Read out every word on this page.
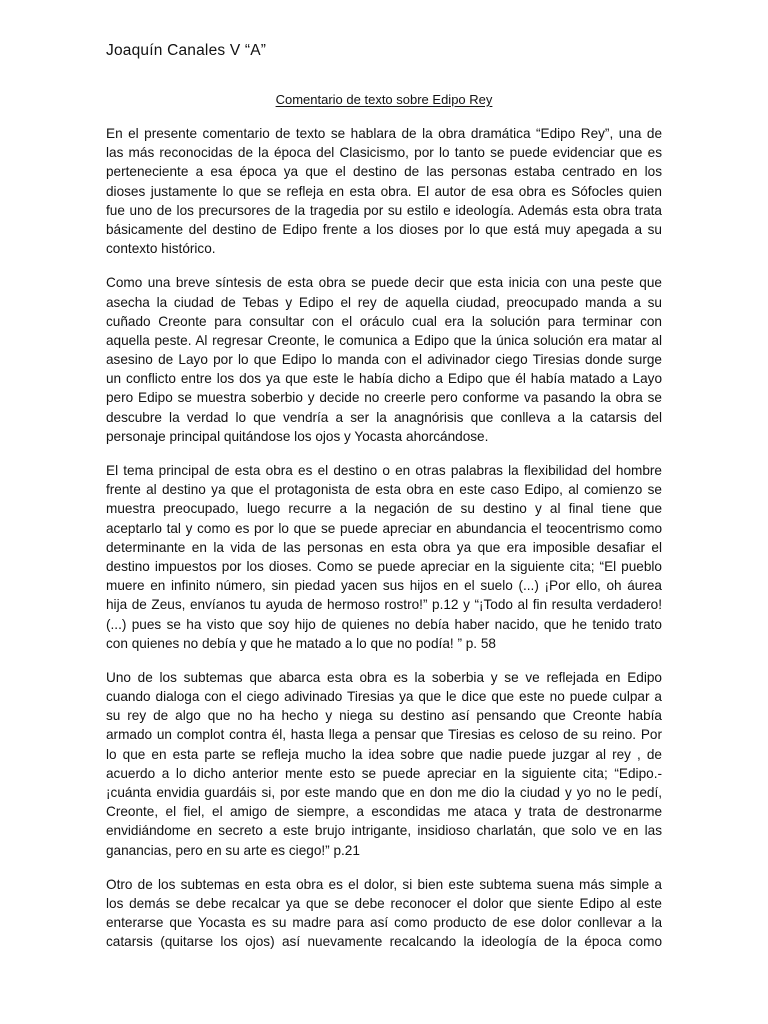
Joaquín Canales V “A”
Comentario de texto sobre Edipo Rey
En el presente comentario de texto se hablara de la obra dramática “Edipo Rey”, una de
las más reconocidas de la época del Clasicismo, por lo tanto se puede evidenciar que es
perteneciente a esa época ya que el destino de las personas estaba centrado en los
dioses justamente lo que se refleja en esta obra. El autor de esa obra es Sófocles quien
fue uno de los precursores de la tragedia por su estilo e ideología. Además esta obra trata
básicamente del destino de Edipo frente a los dioses por lo que está muy apegada a su
contexto histórico.
Como una breve síntesis de esta obra se puede decir que esta inicia con una peste que
asecha la ciudad de Tebas y Edipo el rey de aquella ciudad, preocupado manda a su
cuñado Creonte para consultar con el oráculo cual era la solución para terminar con
aquella peste. Al regresar Creonte, le comunica a Edipo que la única solución era matar al
asesino de Layo por lo que Edipo lo manda con el adivinador ciego Tiresias donde surge
un conflicto entre los dos ya que este le había dicho a Edipo que él había matado a Layo
pero Edipo se muestra soberbio y decide no creerle pero conforme va pasando la obra se
descubre la verdad lo que vendría a ser la anagnórisis que conlleva a la catarsis del
personaje principal quitándose los ojos y Yocasta ahorcándose.
El tema principal de esta obra es el destino o en otras palabras la flexibilidad del hombre
frente al destino ya que el protagonista de esta obra en este caso Edipo, al comienzo se
muestra preocupado, luego recurre a la negación de su destino y al final tiene que
aceptarlo tal y como es por lo que se puede apreciar en abundancia el teocentrismo como
determinante en la vida de las personas en esta obra ya que era imposible desafiar el
destino impuestos por los dioses. Como se puede apreciar en la siguiente cita; “El pueblo
muere en infinito número, sin piedad yacen sus hijos en el suelo (...) ¡Por ello, oh áurea
hija de Zeus, envíanos tu ayuda de hermoso rostro!” p.12 y “¡Todo al fin resulta verdadero!
(...) pues se ha visto que soy hijo de quienes no debía haber nacido, que he tenido trato
con quienes no debía y que he matado a lo que no podía! ” p. 58
Uno de los subtemas que abarca esta obra es la soberbia y se ve reflejada en Edipo
cuando dialoga con el ciego adivinado Tiresias ya que le dice que este no puede culpar a
su rey de algo que no ha hecho y niega su destino así pensando que Creonte había
armado un complot contra él, hasta llega a pensar que Tiresias es celoso de su reino. Por
lo que en esta parte se refleja mucho la idea sobre que nadie puede juzgar al rey , de
acuerdo a lo dicho anterior mente esto se puede apreciar en la siguiente cita; “Edipo.-
¡cuánta envidia guardáis si, por este mando que en don me dio la ciudad y yo no le pedí,
Creonte, el fiel, el amigo de siempre, a escondidas me ataca y trata de destronarme
envidiándome en secreto a este brujo intrigante, insidioso charlatán, que solo ve en las
ganancias, pero en su arte es ciego!” p.21
Otro de los subtemas en esta obra es el dolor, si bien este subtema suena más simple a
los demás se debe recalcar ya que se debe reconocer el dolor que siente Edipo al este
enterarse que Yocasta es su madre para así como producto de ese dolor conllevar a la
catarsis (quitarse los ojos) así nuevamente recalcando la ideología de la época como
